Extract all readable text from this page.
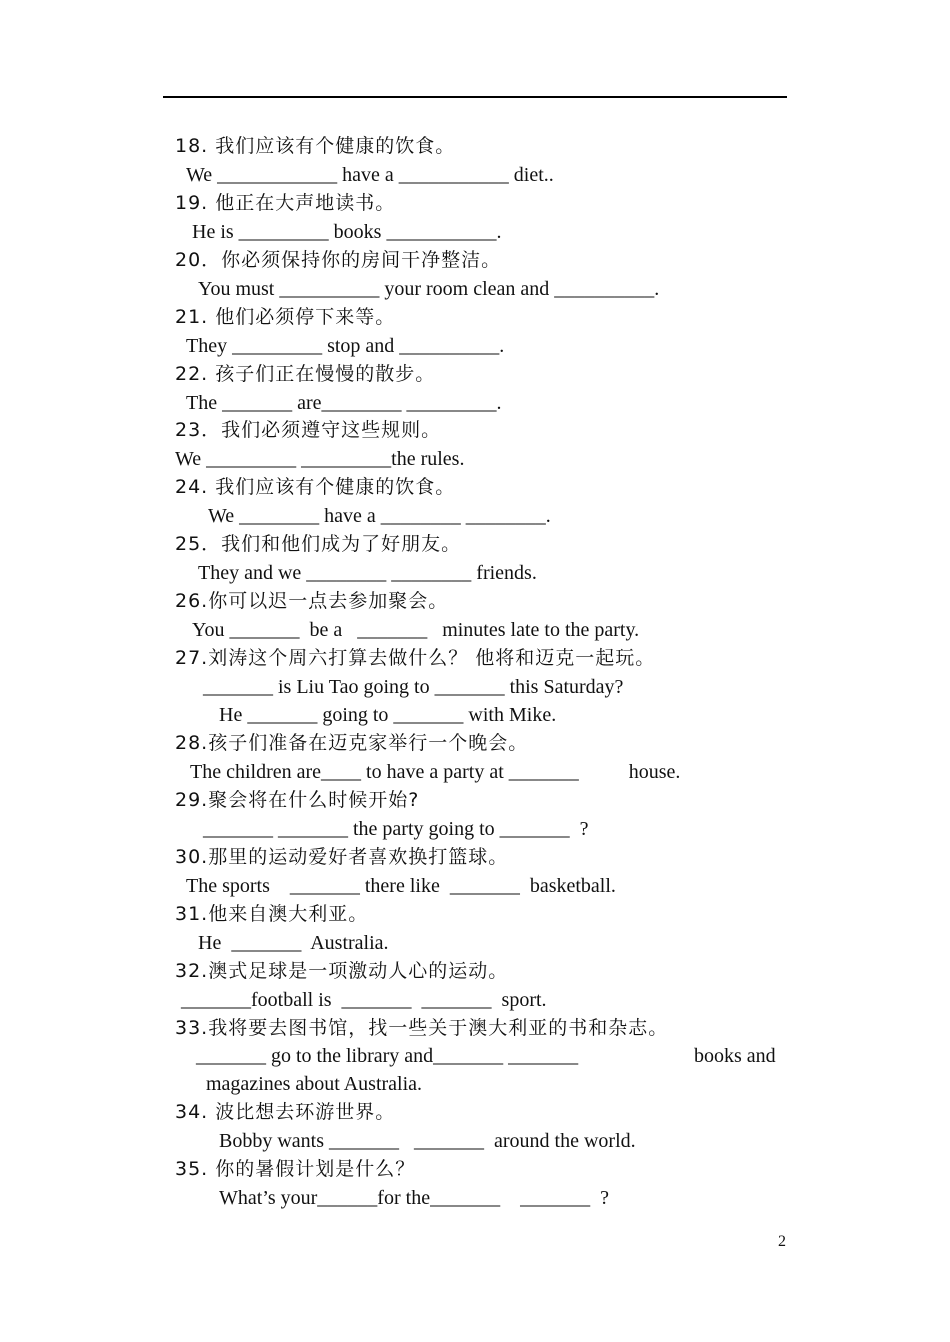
18. 我们应该有个健康的饮食。
We ____________ have a ___________ diet..
19. 他正在大声地读书。
He is _________ books ___________.
20．你必须保持你的房间干净整洁。
You must __________ your room clean and __________.
21. 他们必须停下来等。
They _________ stop and __________.
22. 孩子们正在慢慢的散步。
The _______ are________ _________.
23．我们必须遵守这些规则。
We _________ _________the rules.
24. 我们应该有个健康的饮食。
We ________ have a ________ ________.
25．我们和他们成为了好朋友。
They and we ________ ________ friends.
26.你可以迟一点去参加聚会。
You _______  be a   _______   minutes late to the party.
27.刘涛这个周六打算去做什么？ 他将和迈克一起玩。
_______ is Liu Tao going to _______ this Saturday?
He _______ going to _______ with Mike.
28.孩子们准备在迈克家举行一个晚会。
The children are____ to have a party at _______          house.
29.聚会将在什么时候开始?
_______ _______ the party going to _______  ?
30.那里的运动爱好者喜欢换打篮球。
The sports    _______ there like  _______  basketball.
31.他来自澳大利亚。
He  _______  Australia.
32.澳式足球是一项激动人心的运动。
_______football is  _______  _______  sport.
33.我将要去图书馆，找一些关于澳大利亚的书和杂志。
_______ go to the library and_______ _______	books and
magazines about Australia.
34. 波比想去环游世界。
Bobby wants _______   _______  around the world.
35. 你的暑假计划是什么？
What’s your______for the_______    _______  ?
2
